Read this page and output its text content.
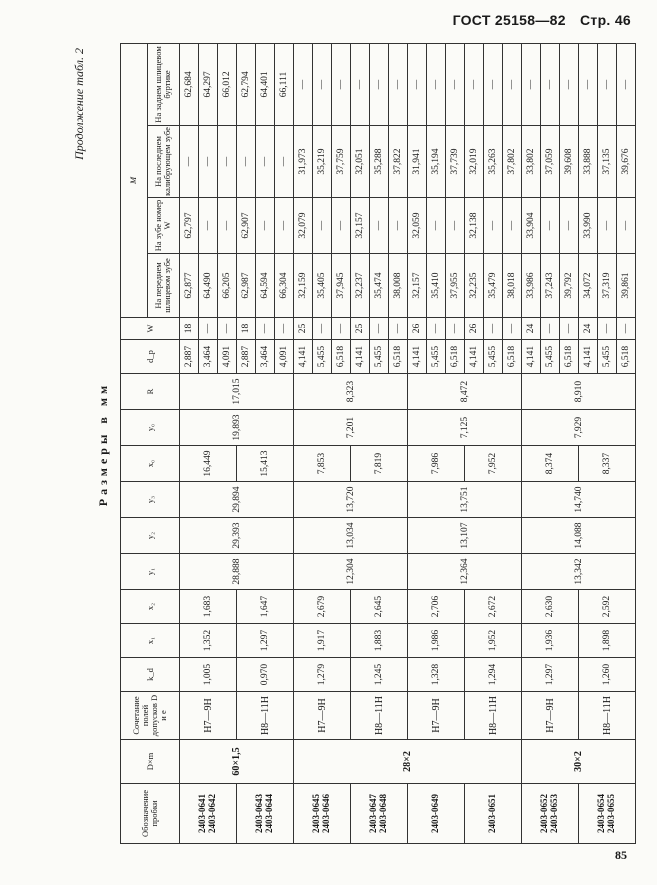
ГОСТ 25158—82 Стр. 46
Продолжение табл. 2
Размеры в мм
Обозначение пробки	D×m	Сочетание полей допусков D и e	k_d	x₁	x₂	y₁	y₂	y₃	x₀	y₀	R	d_p	W	M			
														На переднем шлицевом зубе	На зубе номер W	На последнем калибрующем зубе	На заднем шлицевом буртике

2403-0641 2403-0642	60×1,5	H7—9H	1,005	1,352	1,683	28,888	29,393	29,894	16,449	19,893	17,015	2,887	18	62,877	62,797	—	62,684
												3,464	—	64,490	—	—	64,297
												4,091	—	66,205	—	—	66,012

2403-0643 2403-0644		H8—11H	0,970	1,297	1,647				15,413			2,887	18	62,987	62,907	—	62,794
												3,464	—	64,594	—	—	64,401
												4,091	—	66,304	—	—	66,111

2403-0645 2403-0646	28×2	H7—9H	1,279	1,917	2,679	12,304	13,034	13,720	7,853	7,201	8,323	4,141	25	32,159	32,079	31,973	—
												5,455	—	35,405	—	35,219	—
												6,518	—	37,945	—	37,759	—

2403-0647 2403-0648		H8—11H	1,245	1,883	2,645				7,819			4,141	25	32,237	32,157	32,051	—
												5,455	—	35,474	—	35,288	—
												6,518	—	38,008	—	37,822	—

2403-0649		H7—9H	1,328	1,986	2,706	12,364	13,107	13,751	7,986	7,125	8,472	4,141	26	32,157	32,059	31,941	—
												5,455	—	35,410	—	35,194	—
												6,518	—	37,955	—	37,739	—

2403-0651		H8—11H	1,294	1,952	2,672				7,952			4,141	26	32,235	32,138	32,019	—
												5,455	—	35,479	—	35,263	—
												6,518	—	38,018	—	37,802	—

2403-0652 2403-0653	30×2	H7—9H	1,297	1,936	2,630	13,342	14,088	14,740	8,374	7,929	8,910	4,141	24	33,986	33,904	33,802	—
												5,455	—	37,243	—	37,059	—
												6,518	—	39,792	—	39,608	—

2403-0654 2403-0655		H8—11H	1,260	1,898	2,592				8,337			4,141	24	34,072	33,990	33,888	—
												5,455	—	37,319	—	37,135	—
												6,518	—	39,861	—	39,676	—
85
